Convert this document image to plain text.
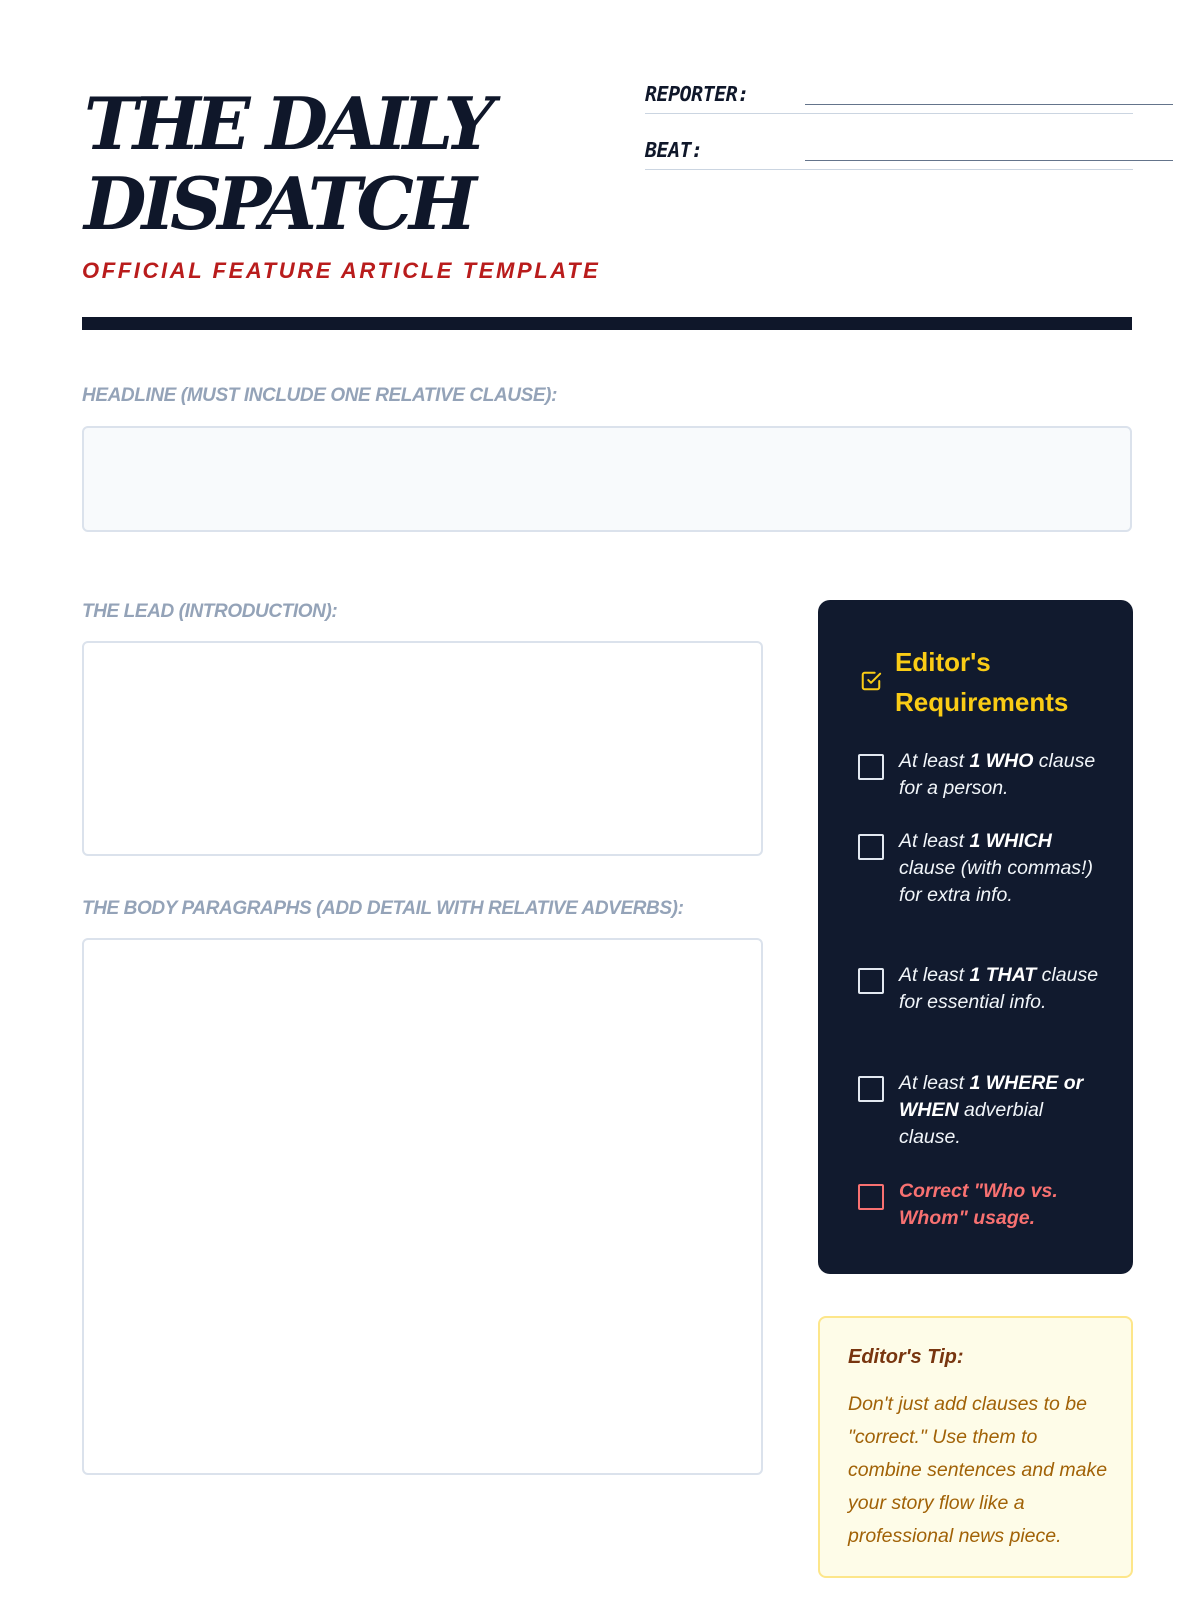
THE DAILY
DISPATCH
OFFICIAL FEATURE ARTICLE TEMPLATE
REPORTER:
BEAT:
HEADLINE (MUST INCLUDE ONE RELATIVE CLAUSE):
THE LEAD (INTRODUCTION):
THE BODY PARAGRAPHS (ADD DETAIL WITH RELATIVE ADVERBS):
Editor's Requirements
At least 1 WHO clause for a person.
At least 1 WHICH clause (with commas!) for extra info.
At least 1 THAT clause for essential info.
At least 1 WHERE or WHEN adverbial clause.
Correct "Who vs. Whom" usage.
Editor's Tip:
Don't just add clauses to be "correct." Use them to combine sentences and make your story flow like a professional news piece.
